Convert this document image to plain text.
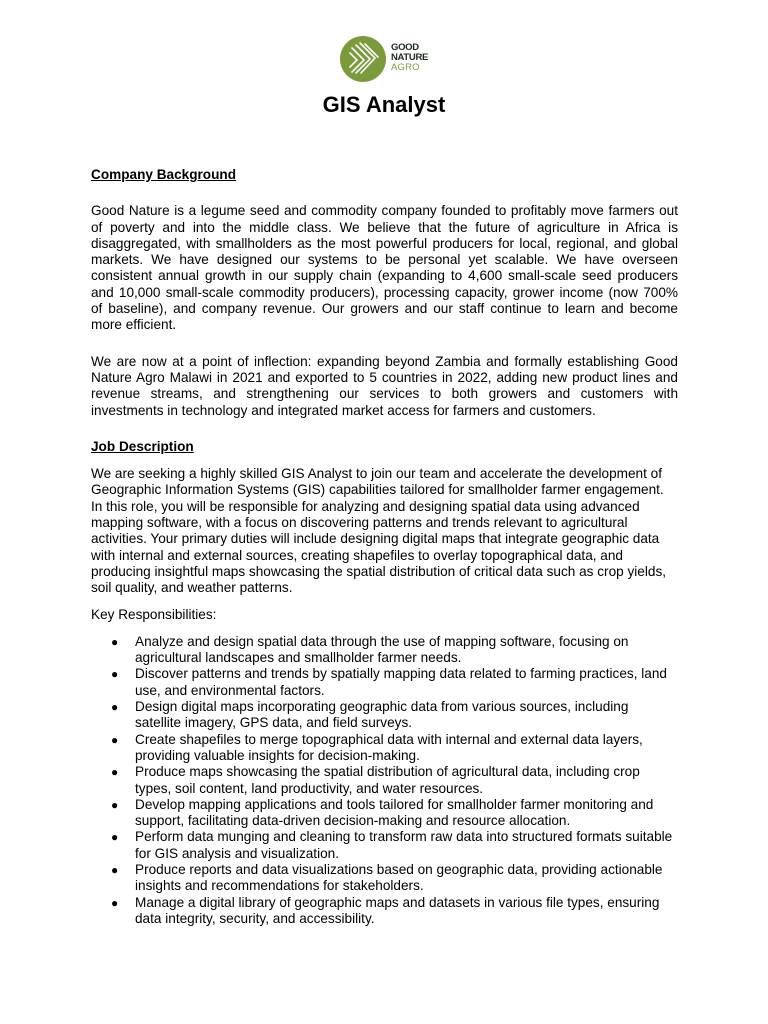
GOOD
NATURE
AGRO
GIS Analyst
Company Background

Good Nature is a legume seed and commodity company founded to profitably move farmers out of poverty and into the middle class. We believe that the future of agriculture in Africa is disaggregated, with smallholders as the most powerful producers for local, regional, and global markets. We have designed our systems to be personal yet scalable. We have overseen consistent annual growth in our supply chain (expanding to 4,600 small-scale seed producers and 10,000 small-scale commodity producers), processing capacity, grower income (now 700% of baseline), and company revenue. Our growers and our staff continue to learn and become more efficient.

We are now at a point of inflection: expanding beyond Zambia and formally establishing Good Nature Agro Malawi in 2021 and exported to 5 countries in 2022, adding new product lines and revenue streams, and strengthening our services to both growers and customers with investments in technology and integrated market access for farmers and customers.

Job Description

We are seeking a highly skilled GIS Analyst to join our team and accelerate the development of Geographic Information Systems (GIS) capabilities tailored for smallholder farmer engagement. In this role, you will be responsible for analyzing and designing spatial data using advanced mapping software, with a focus on discovering patterns and trends relevant to agricultural activities. Your primary duties will include designing digital maps that integrate geographic data with internal and external sources, creating shapefiles to overlay topographical data, and producing insightful maps showcasing the spatial distribution of critical data such as crop yields, soil quality, and weather patterns.

Key Responsibilities:

● Analyze and design spatial data through the use of mapping software, focusing on agricultural landscapes and smallholder farmer needs.
● Discover patterns and trends by spatially mapping data related to farming practices, land use, and environmental factors.
● Design digital maps incorporating geographic data from various sources, including satellite imagery, GPS data, and field surveys.
● Create shapefiles to merge topographical data with internal and external data layers, providing valuable insights for decision-making.
● Produce maps showcasing the spatial distribution of agricultural data, including crop types, soil content, land productivity, and water resources.
● Develop mapping applications and tools tailored for smallholder farmer monitoring and support, facilitating data-driven decision-making and resource allocation.
● Perform data munging and cleaning to transform raw data into structured formats suitable for GIS analysis and visualization.
● Produce reports and data visualizations based on geographic data, providing actionable insights and recommendations for stakeholders.
● Manage a digital library of geographic maps and datasets in various file types, ensuring data integrity, security, and accessibility.
